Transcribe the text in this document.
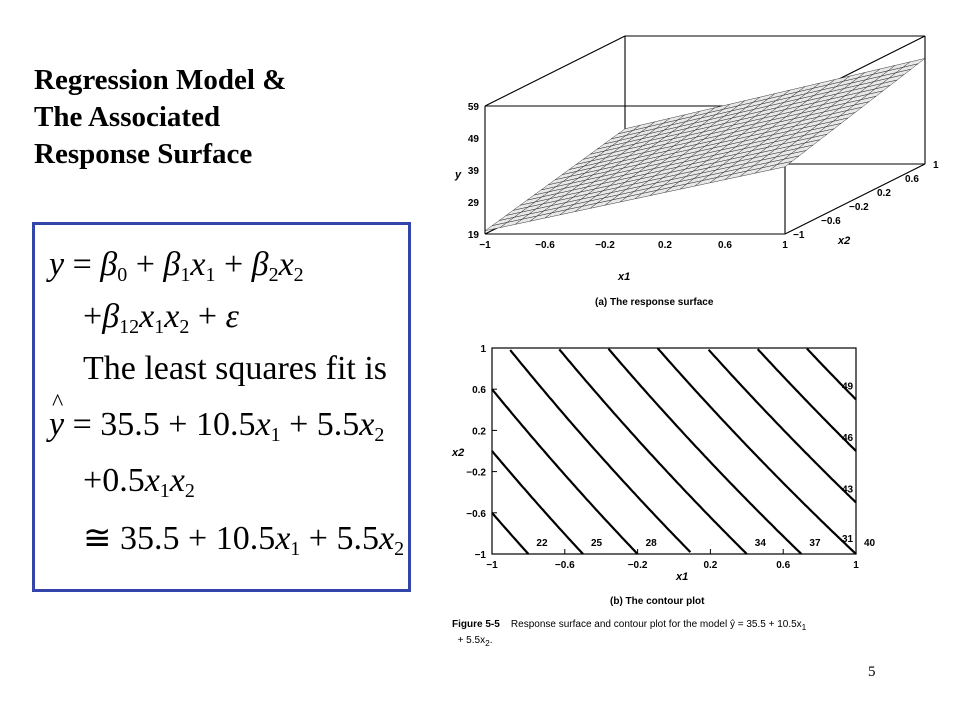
Regression Model &
The Associated
Response Surface
$y = \beta_0 + \beta_1x_1 + \beta_2x_2$
$+\beta_{12}x_1x_2 + \varepsilon$
The least squares fit is
^ $y = 35.5 + 10.5x_1 + 5.5x_2$
$+0.5x_1x_2$
≅ $35.5 + 10.5x_1 + 5.5x_2$
−1	−0.6	−0.2	0.2	0.6	1
−1
−0.6
−0.2
0.2
0.6
1
19
29
39
49
59
y
x1
x2
(a) The response surface
22	25	28	31
34	37	40
43
46
49
−1	−0.6	−0.2	0.2	0.6	1
−1
−0.6
−0.2
0.2
0.6
1
x2
x1
(b) The contour plot
Figure 5-5 Response surface and contour plot for the model ŷ = $35.5 + 10.5x_1$
+ $5.5x_2$.
5
